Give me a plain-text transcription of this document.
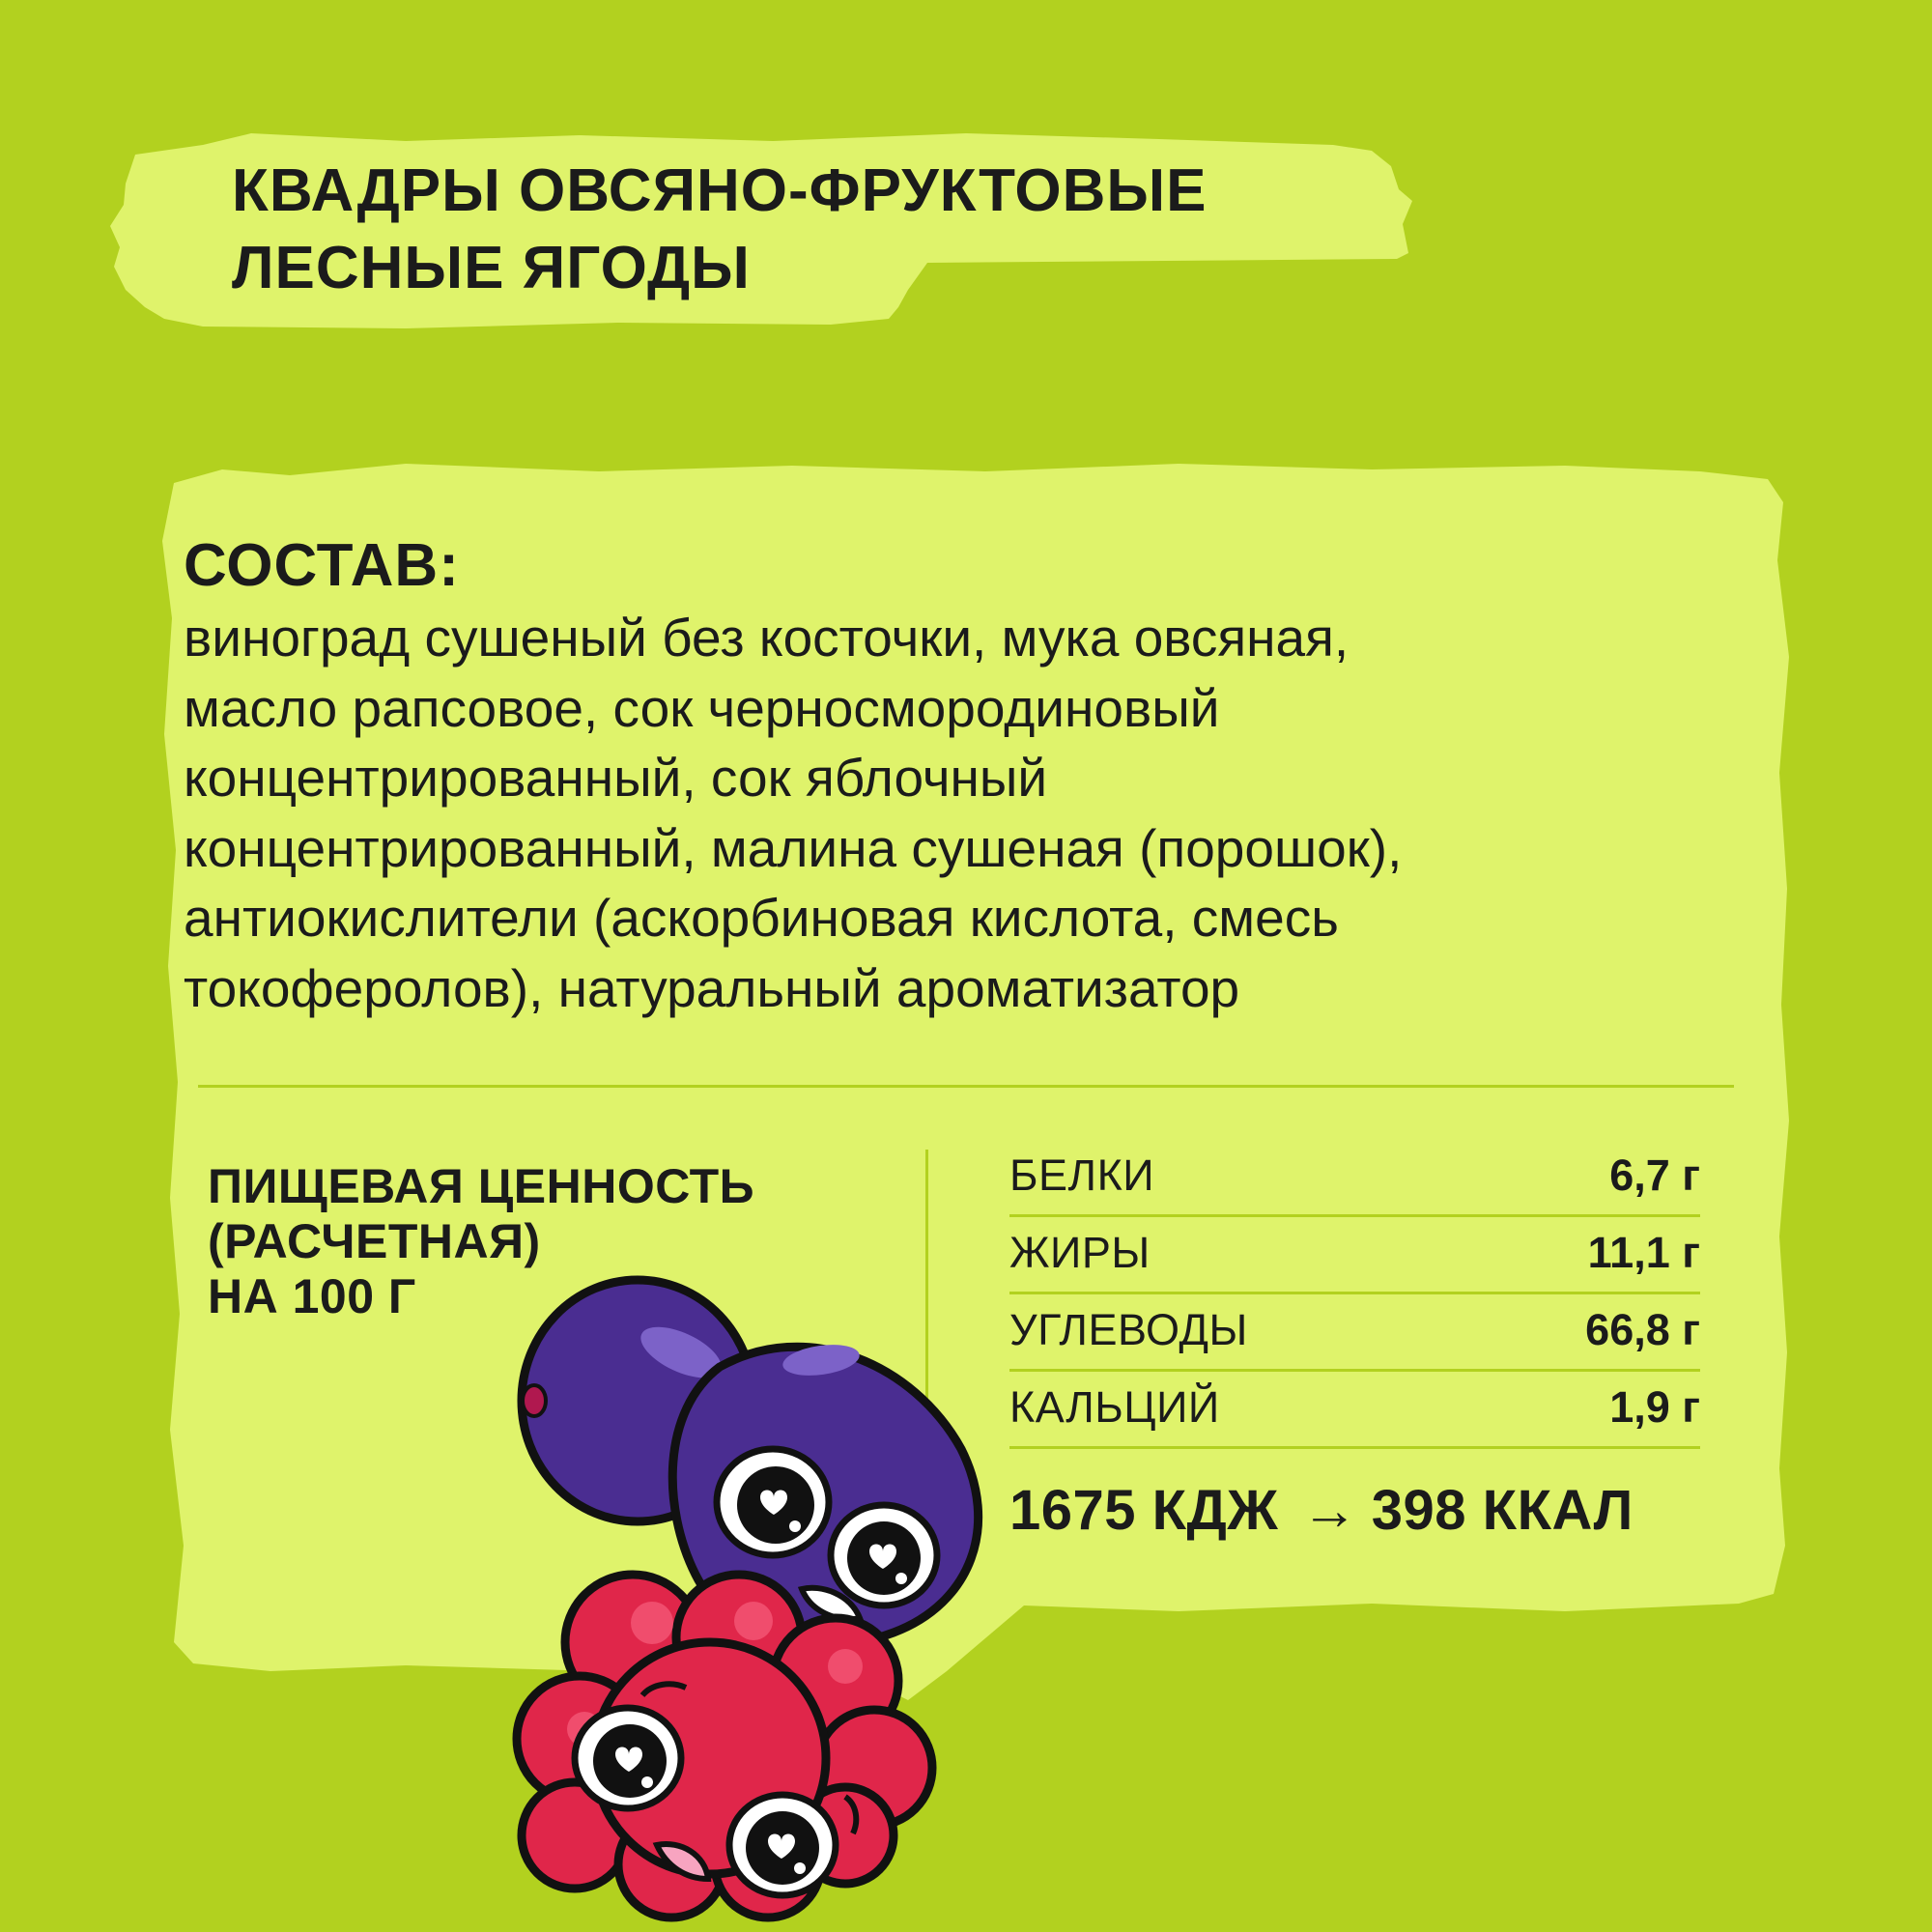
КВАДРЫ ОВСЯНО-ФРУКТОВЫЕ
ЛЕСНЫЕ ЯГОДЫ
СОСТАВ:

виноград сушеный без косточки, мука овсяная,
масло рапсовое, сок черносмородиновый
концентрированный, сок яблочный
концентрированный, малина сушеная (порошок),
антиокислители (аскорбиновая кислота, смесь
токоферолов), натуральный ароматизатор

ПИЩЕВАЯ ЦЕННОСТЬ
(РАСЧЕТНАЯ)
НА 100 Г
БЕЛКИ	6,7 г
ЖИРЫ	11,1 г
УГЛЕВОДЫ	66,8 г
КАЛЬЦИЙ	1,9 г
1675 КДЖ → 398 ККАЛ
